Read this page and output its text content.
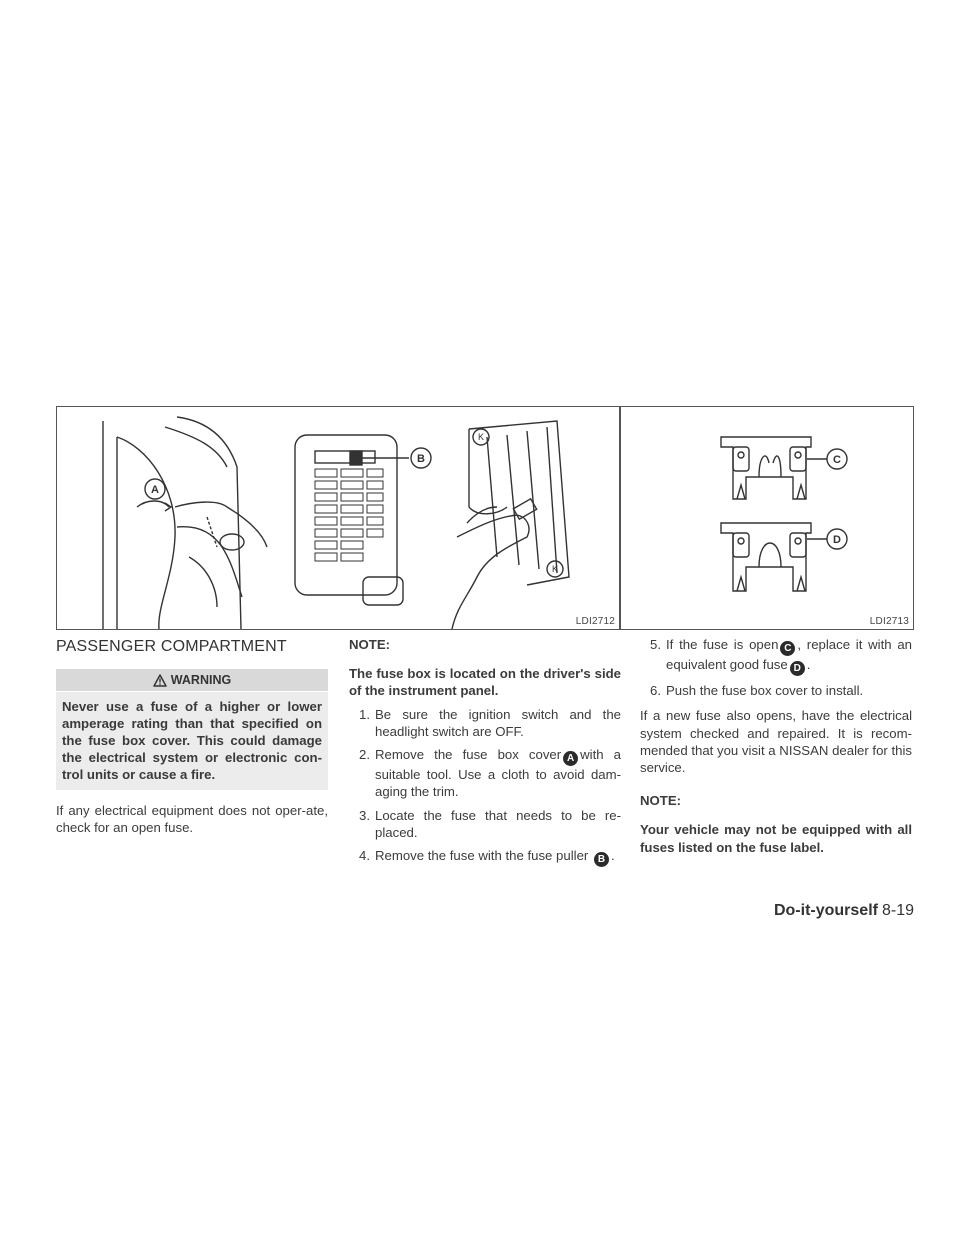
K
K
A
B
LDI2712
C
D
LDI2713
PASSENGER COMPARTMENT
WARNING
Never use a fuse of a higher or lower amperage rating than that specified on the fuse box cover. This could damage the electrical system or electronic con-trol units or cause a fire.

If any electrical equipment does not oper-ate, check for an open fuse.

NOTE:

The fuse box is located on the driver's side of the instrument panel.

1. Be sure the ignition switch and the headlight switch are OFF.
2. Remove the fuse box cover A with a suitable tool. Use a cloth to avoid dam-aging the trim.
3. Locate the fuse that needs to be re-placed.
4. Remove the fuse with the fuse puller B .
5. If the fuse is open C , replace it with an equivalent good fuse D .
6. Push the fuse box cover to install.

If a new fuse also opens, have the electrical system checked and repaired. It is recom-mended that you visit a NISSAN dealer for this service.

NOTE:

Your vehicle may not be equipped with all fuses listed on the fuse label.

Do-it-yourself 8-19
